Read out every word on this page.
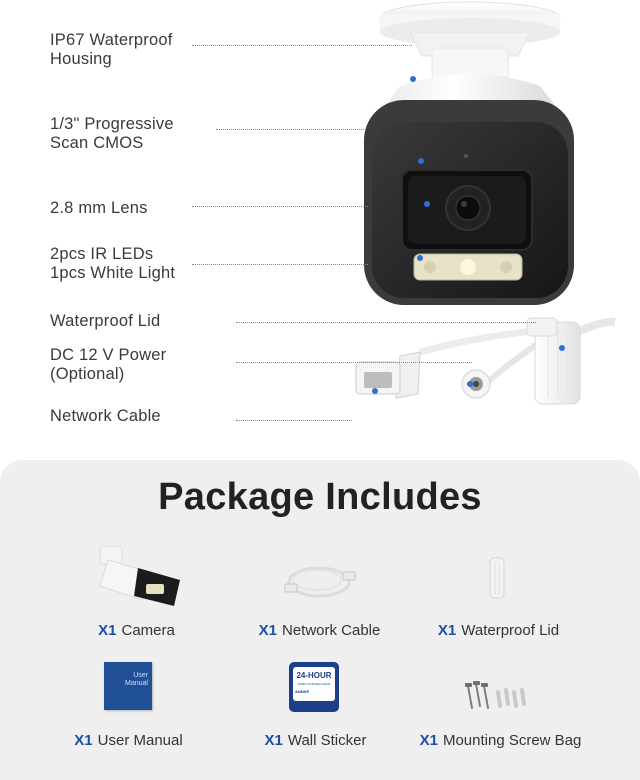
IP67 Waterproof
Housing
1/3" Progressive
Scan CMOS
2.8 mm Lens
2pcs IR LEDs
1pcs White Light
Waterproof Lid
DC 12 V Power
(Optional)
Network Cable
Package Includes
X1 Camera	X1 Network Cable	X1 Waterproof Lid
User
Manual
X1 User Manual
24-HOUR
VIDEO SURVEILLANCE
ANNKE
X1 Wall Sticker	X1 Mounting Screw Bag
